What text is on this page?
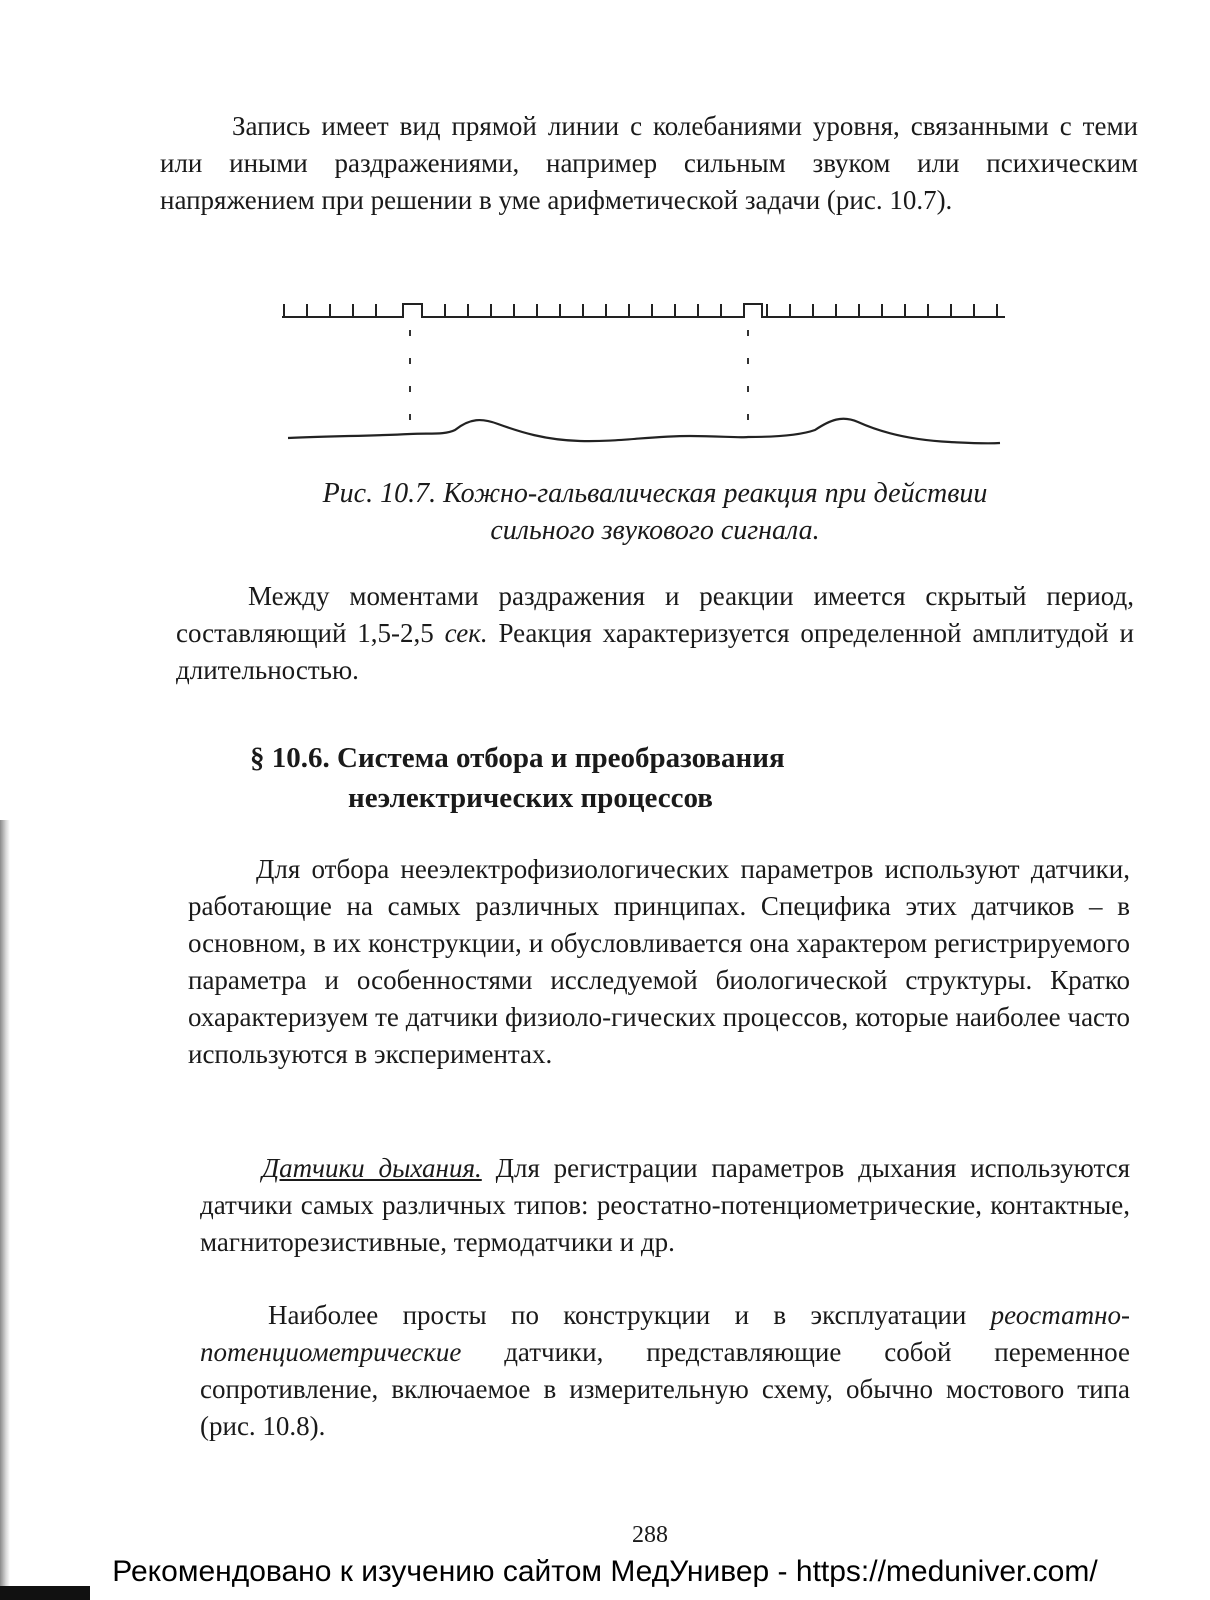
Запись имеет вид прямой линии с колебаниями уровня, связанными с теми или иными раздражениями, например сильным звуком или психическим напряжением при решении в уме арифметической задачи (рис. 10.7).

Рис. 10.7. Кожно-гальвалическая реакция при действии
сильного звукового сигнала.

Между моментами раздражения и реакции имеется скрытый период, составляющий 1,5-2,5 сек. Реакция характеризуется определенной амплитудой и длительностью.

§ 10.6. Система отбора и преобразования
неэлектрических процессов

Для отбора нееэлектрофизиологических параметров используют датчики, работающие на самых различных принципах. Специфика этих датчиков – в основном, в их конструкции, и обусловливается она характером регистрируемого параметра и особенностями исследуемой биологической структуры. Кратко охарактеризуем те датчики физиоло-гических процессов, которые наиболее часто используются в экспериментах.

Датчики дыхания. Для регистрации параметров дыхания используются датчики самых различных типов: реостатно-потенциометрические, контактные, магниторезистивные, термодатчики и др.

Наиболее просты по конструкции и в эксплуатации реостатно-потенциометрические датчики, представляющие собой переменное сопротивление, включаемое в измерительную схему, обычно мостового типа (рис. 10.8).

288
Рекомендовано к изучению сайтом МедУнивер - https://meduniver.com/
